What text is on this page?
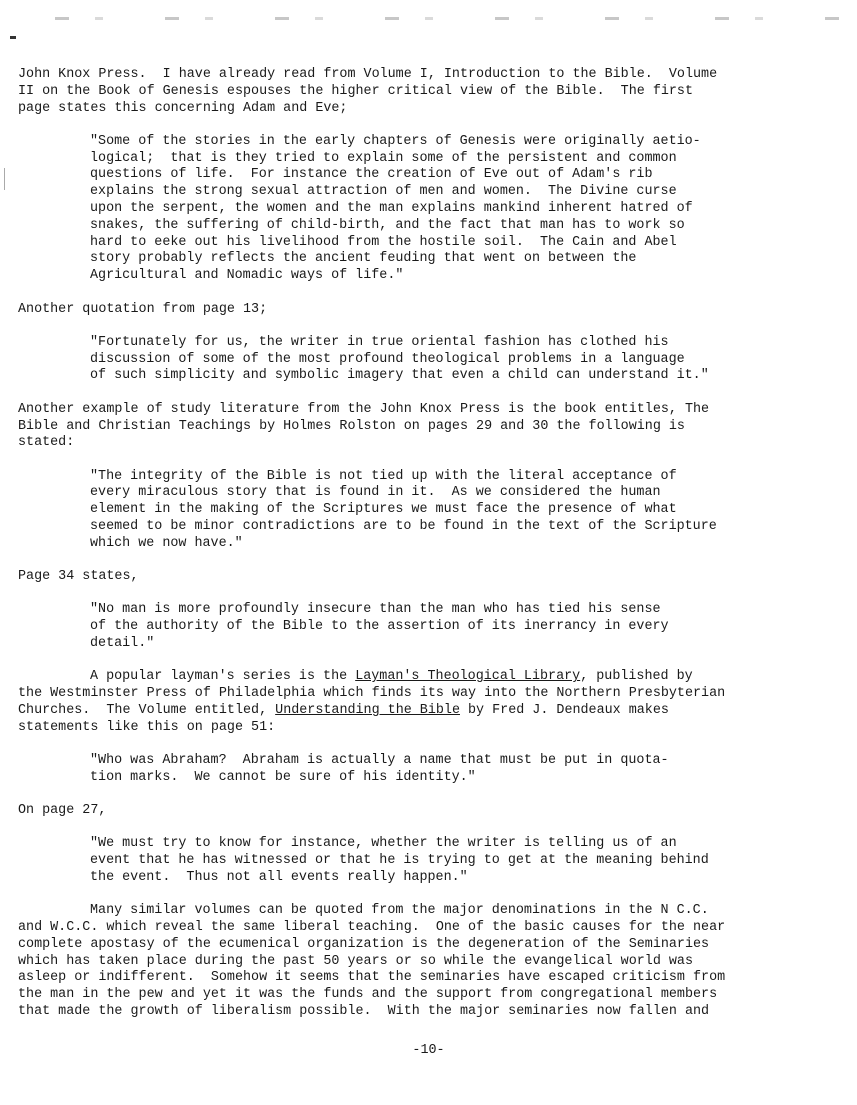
John Knox Press.  I have already read from Volume I, Introduction to the Bible.  Volume
II on the Book of Genesis espouses the higher critical view of the Bible.  The first
page states this concerning Adam and Eve;
"Some of the stories in the early chapters of Genesis were originally aetio-
logical;  that is they tried to explain some of the persistent and common
questions of life.  For instance the creation of Eve out of Adam's rib
explains the strong sexual attraction of men and women.  The Divine curse
upon the serpent, the women and the man explains mankind inherent hatred of
snakes, the suffering of child-birth, and the fact that man has to work so
hard to eeke out his livelihood from the hostile soil.  The Cain and Abel
story probably reflects the ancient feuding that went on between the
Agricultural and Nomadic ways of life."
Another quotation from page 13;
"Fortunately for us, the writer in true oriental fashion has clothed his
discussion of some of the most profound theological problems in a language
of such simplicity and symbolic imagery that even a child can understand it."
Another example of study literature from the John Knox Press is the book entitles, The
Bible and Christian Teachings by Holmes Rolston on pages 29 and 30 the following is
stated:
"The integrity of the Bible is not tied up with the literal acceptance of
every miraculous story that is found in it.  As we considered the human
element in the making of the Scriptures we must face the presence of what
seemed to be minor contradictions are to be found in the text of the Scripture
which we now have."
Page 34 states,
"No man is more profoundly insecure than the man who has tied his sense
of the authority of the Bible to the assertion of its inerrancy in every
detail."
A popular layman's series is the Layman's Theological Library, published by
the Westminster Press of Philadelphia which finds its way into the Northern Presbyterian
Churches.  The Volume entitled, Understanding the Bible by Fred J. Dendeaux makes
statements like this on page 51:
"Who was Abraham?  Abraham is actually a name that must be put in quota-
tion marks.  We cannot be sure of his identity."
On page 27,
"We must try to know for instance, whether the writer is telling us of an
event that he has witnessed or that he is trying to get at the meaning behind
the event.  Thus not all events really happen."
Many similar volumes can be quoted from the major denominations in the N C.C.
and W.C.C. which reveal the same liberal teaching.  One of the basic causes for the near
complete apostasy of the ecumenical organization is the degeneration of the Seminaries
which has taken place during the past 50 years or so while the evangelical world was
asleep or indifferent.  Somehow it seems that the seminaries have escaped criticism from
the man in the pew and yet it was the funds and the support from congregational members
that made the growth of liberalism possible.  With the major seminaries now fallen and
-10-
